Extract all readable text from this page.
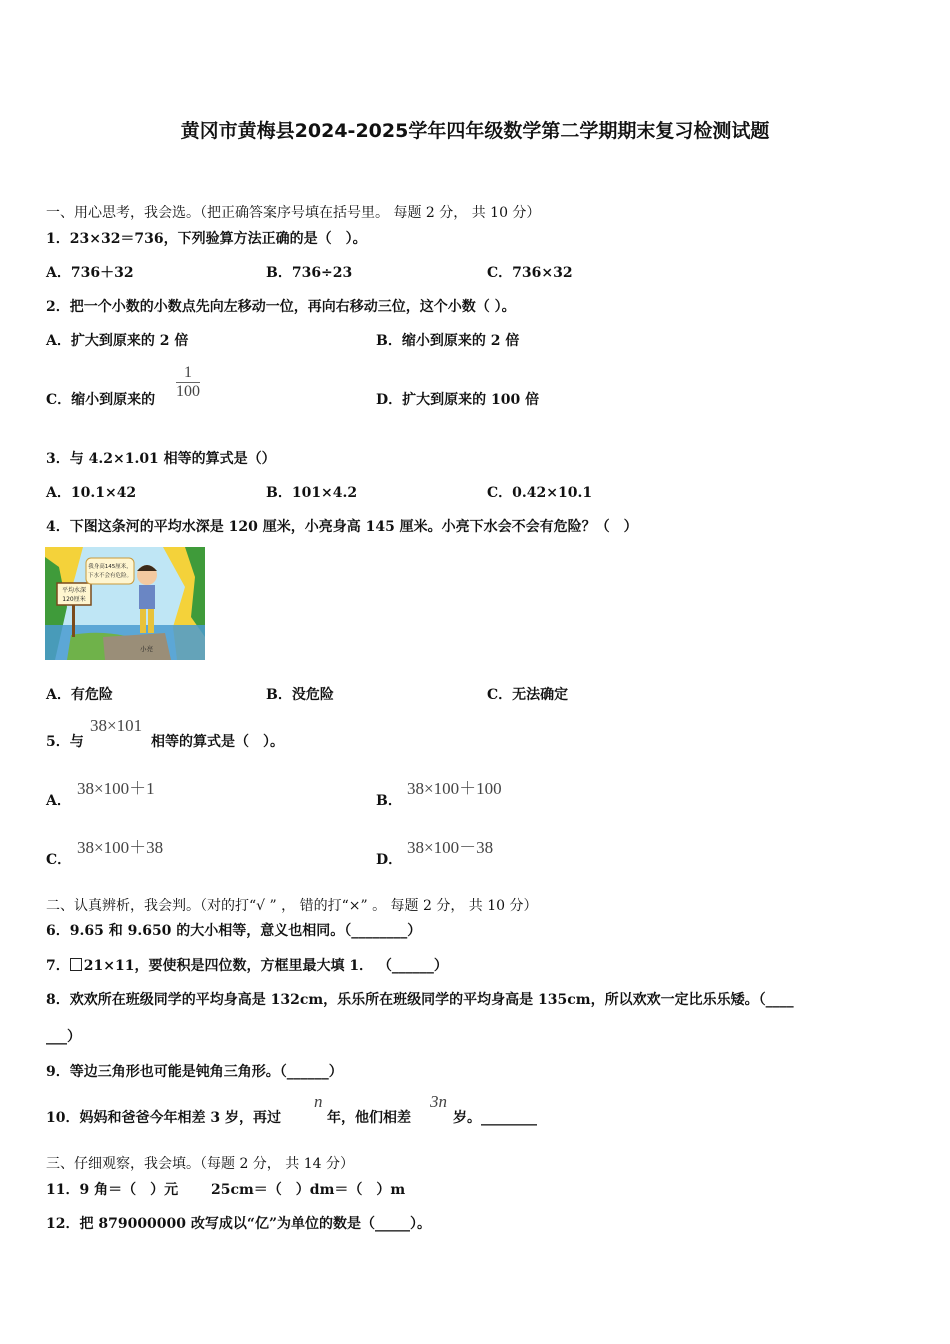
黄冈市黄梅县2024-2025学年四年级数学第二学期期末复习检测试题
一、用心思考，我会选。（把正确答案序号填在括号里。 每题 2 分， 共 10 分）
1．23×32＝736，下列验算方法正确的是（　）。
A．736＋32	B．736÷23	C．736×32
2．把一个小数的小数点先向左移动一位，再向右移动三位，这个小数（ ）。
A．扩大到原来的 2 倍	B．缩小到原来的 2 倍
C．缩小到原来的 $\frac{1}{100}$	D．扩大到原来的 100 倍
3．与 4.2×1.01 相等的算式是（）
A．10.1×42	B．101×4.2	C．0.42×10.1
4．下图这条河的平均水深是 120 厘米，小亮身高 145 厘米。小亮下水会不会有危险？（　）
平均水深
120厘米
我身高145厘米，
下水不会有危险。
小亮
A．有危险	B．没危险	C．无法确定
5．与
38×101
相等的算式是（　）。
A．
38×100＋1
B．
38×100＋100
C．
38×100＋38
D．
38×100－38
二、认真辨析，我会判。（对的打“√ ” ， 错的打“×” 。 每题 2 分， 共 10 分）
6．9.65 和 9.650 的大小相等，意义也相同。（________）
7． 21×11，要使积是四位数，方框里最大填 1． （______）
8．欢欢所在班级同学的平均身高是 132cm，乐乐所在班级同学的平均身高是 135cm，所以欢欢一定比乐乐矮。（____
___）
9．等边三角形也可能是钝角三角形。（______）
10．妈妈和爸爸今年相差 3 岁，再过
n
年，他们相差
3n
岁。________
三、仔细观察，我会填。（每题 2 分， 共 14 分）
11．9 角＝（　）元　　 25cm＝（　）dm＝（　）m
12．把 879000000 改写成以“亿”为单位的数是（_____）。
